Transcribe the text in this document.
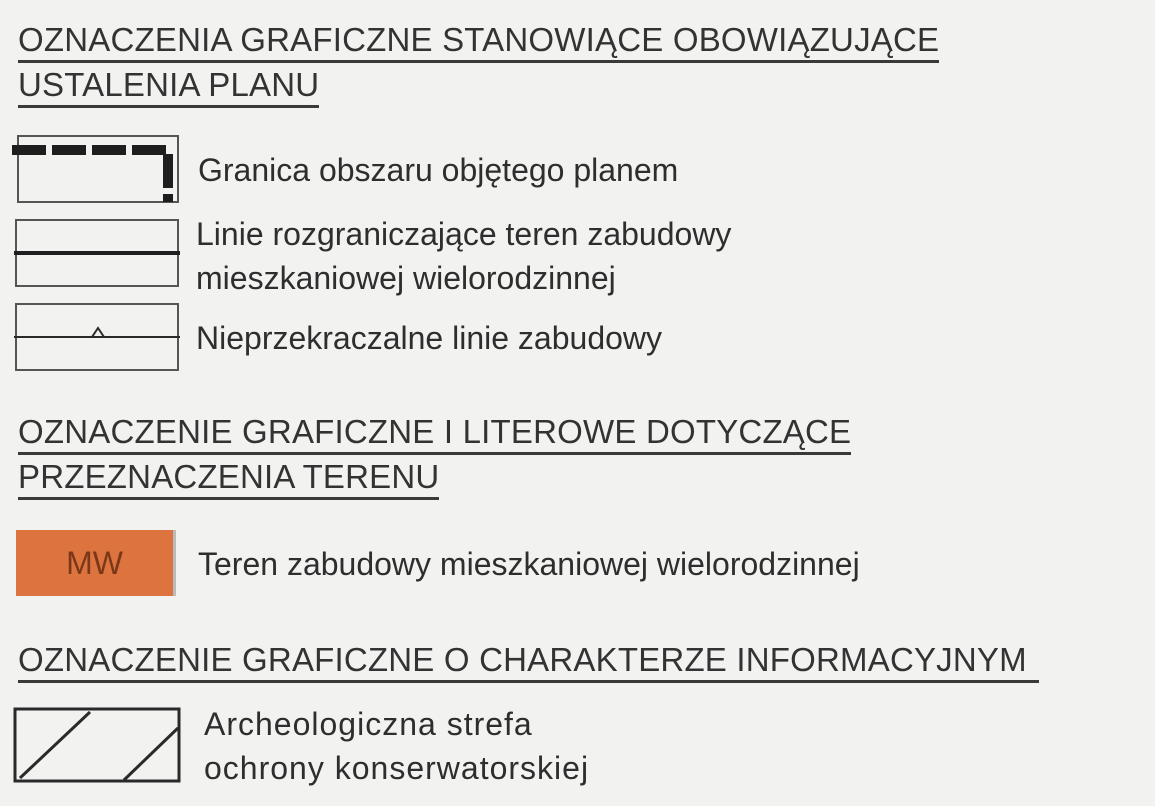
OZNACZENIA GRAFICZNE STANOWIĄCE OBOWIĄZUJĄCE
USTALENIA PLANU
Granica obszaru objętego planem
Linie rozgraniczające teren zabudowy
mieszkaniowej wielorodzinnej
Nieprzekraczalne linie zabudowy
OZNACZENIE GRAFICZNE I LITEROWE DOTYCZĄCE
PRZEZNACZENIA TERENU
MW Teren zabudowy mieszkaniowej wielorodzinnej
OZNACZENIE GRAFICZNE O CHARAKTERZE INFORMACYJNYM
Archeologiczna strefa
ochrony konserwatorskiej
